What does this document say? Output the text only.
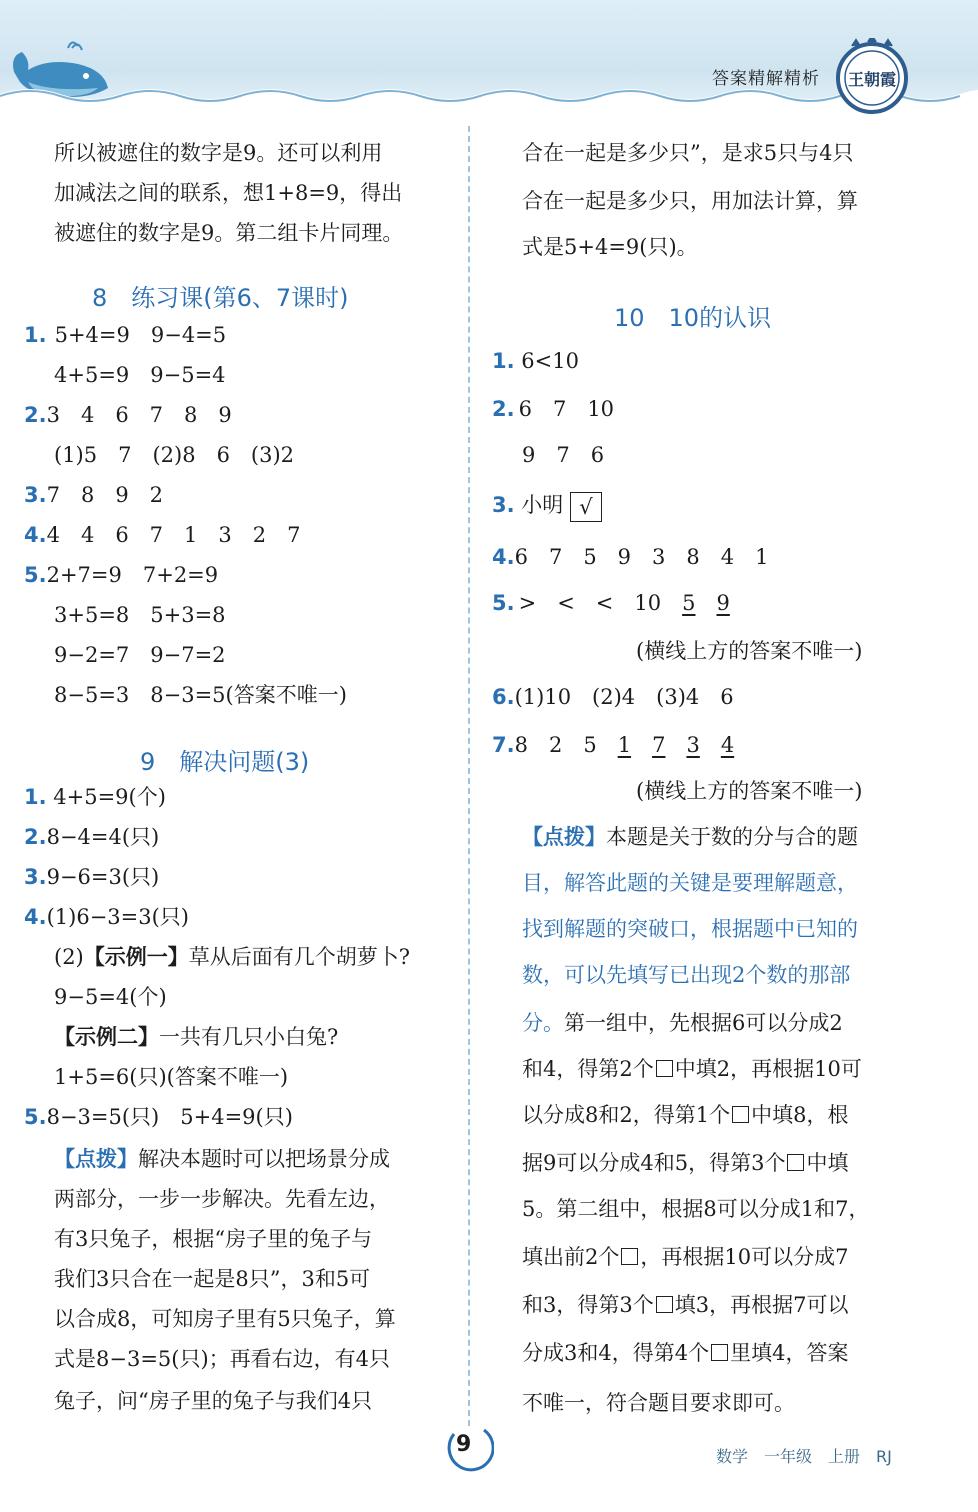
答案精解精析 王朝霞
所以被遮住的数字是9。还可以利用
加减法之间的联系，想1+8=9，得出
被遮住的数字是9。第二组卡片同理。
8　练习课(第6、7课时)
1. 5+4=9　9−4=5
4+5=9　9−5=4
2.3　4　6　7　8　9
(1)5　7　(2)8　6　(3)2
3.7　8　9　2
4.4　4　6　7　1　3　2　7
5.2+7=9　7+2=9
3+5=8　5+3=8
9−2=7　9−7=2
8−5=3　8−3=5(答案不唯一)
9　解决问题(3)
1. 4+5=9(个)
2.8−4=4(只)
3.9−6=3(只)
4.(1)6−3=3(只)
(2)【示例一】草从后面有几个胡萝卜?
9−5=4(个)
【示例二】一共有几只小白兔?
1+5=6(只)(答案不唯一)
5.8−3=5(只)　5+4=9(只)
【点拨】解决本题时可以把场景分成
两部分，一步一步解决。先看左边，
有3只兔子，根据“房子里的兔子与
我们3只合在一起是8只”，3和5可
以合成8，可知房子里有5只兔子，算
式是8−3=5(只)；再看右边，有4只
兔子，问“房子里的兔子与我们4只
合在一起是多少只”，是求5只与4只
合在一起是多少只，用加法计算，算
式是5+4=9(只)。
10　10的认识
1. 6<10
2. 6　7　10
9　7　6
3. 小明 √
4.6　7　5　9　3　8　4　1
5. >　<　<　10　5　 9
(横线上方的答案不唯一)
6.(1)10　(2)4　(3)4　6
7.8　2　5　1　 7　 3　 4
(横线上方的答案不唯一)
【点拨】本题是关于数的分与合的题
目，解答此题的关键是要理解题意，
找到解题的突破口，根据题中已知的
数，可以先填写已出现2个数的那部
分。第一组中，先根据6可以分成2
和4，得第2个 中填2，再根据10可
以分成8和2，得第1个 中填8，根
据9可以分成4和5，得第3个 中填
5。第二组中，根据8可以分成1和7，
填出前2个 ，再根据10可以分成7
和3，得第3个 填3，再根据7可以
分成3和4，得第4个 里填4，答案
不唯一，符合题目要求即可。
9	数学　一年级　上册　RJ
